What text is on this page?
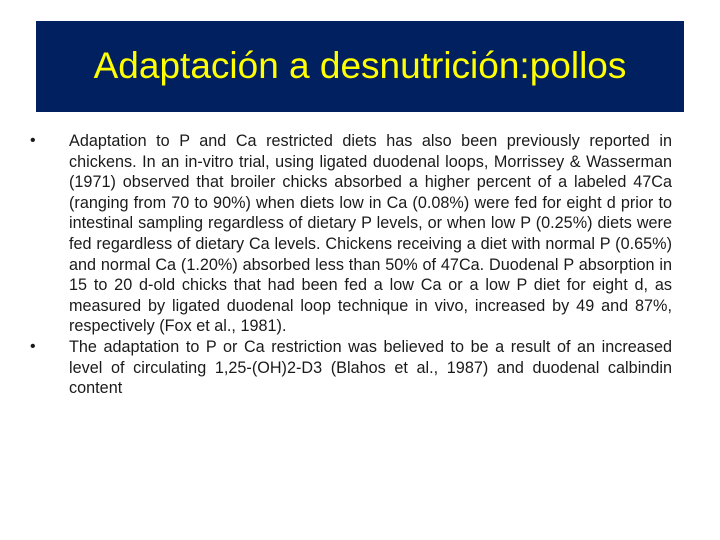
Adaptación a desnutrición:pollos
•	Adaptation to P and Ca restricted diets has also been previously reported in chickens. In an in-vitro trial, using ligated duodenal loops, Morrissey & Wasserman (1971) observed that broiler chicks absorbed a higher percent of a labeled 47Ca (ranging from 70 to 90%) when diets low in Ca (0.08%) were fed for eight d prior to intestinal sampling regardless of dietary P levels, or when low P (0.25%) diets were fed regardless of dietary Ca levels. Chickens receiving a diet with normal P (0.65%) and normal Ca (1.20%) absorbed less than 50% of 47Ca. Duodenal P absorption in 15 to 20 d-old chicks that had been fed a low Ca or a low P diet for eight d, as measured by ligated duodenal loop technique in vivo, increased by 49 and 87%, respectively (Fox et al., 1981).
•	The adaptation to P or Ca restriction was believed to be a result of an increased level of circulating 1,25-(OH)2-D3 (Blahos et al., 1987) and duodenal calbindin content
